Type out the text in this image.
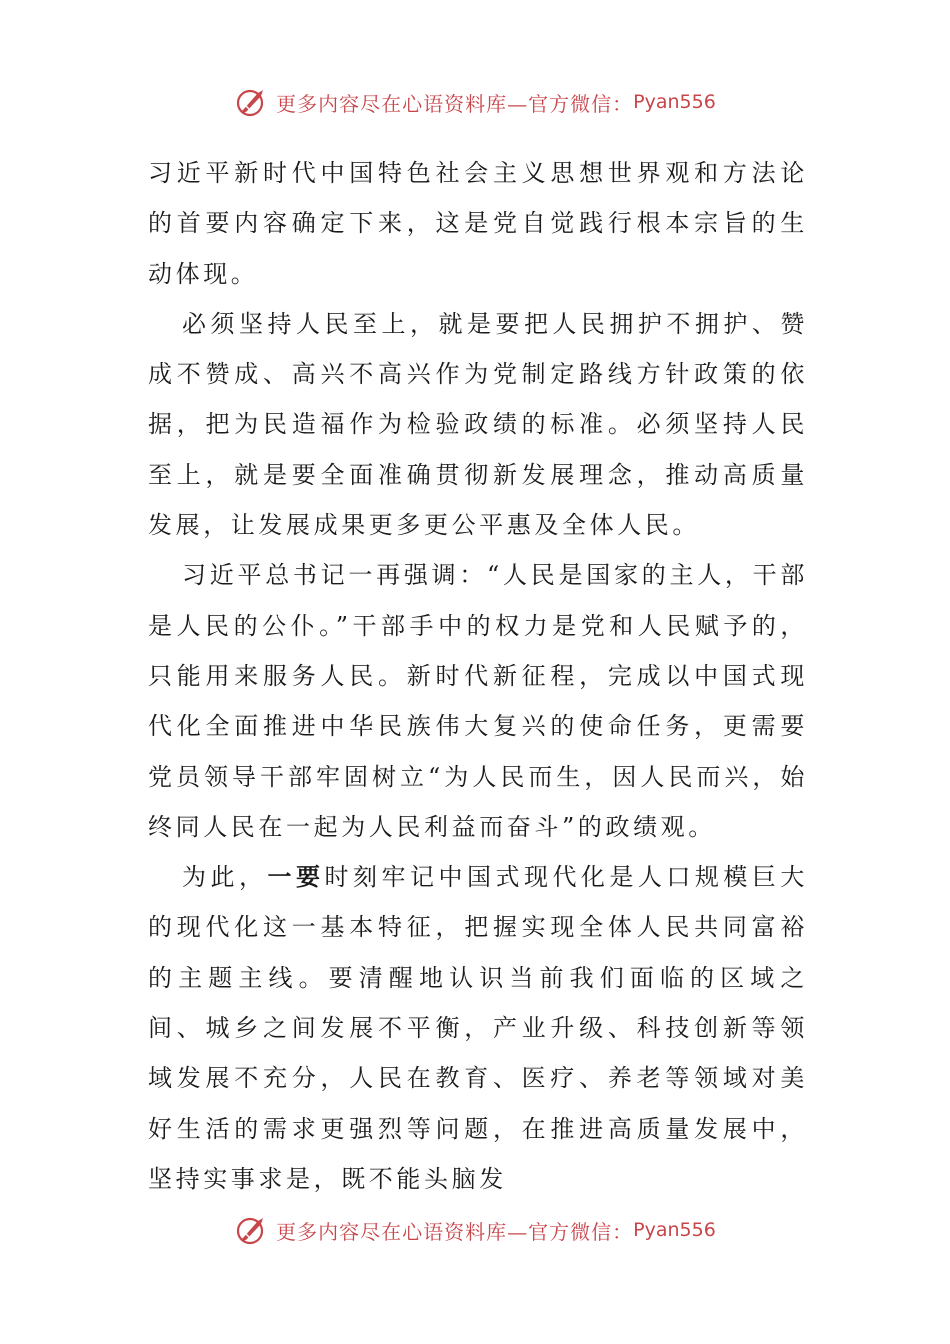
更多内容尽在心语资料库—官方微信： Pyan556

习近平新时代中国特色社会主义思想世界观和方法论的首要内容确定下来，这是党自觉践行根本宗旨的生动体现。

必须坚持人民至上，就是要把人民拥护不拥护、赞成不赞成、高兴不高兴作为党制定路线方针政策的依据，把为民造福作为检验政绩的标准。必须坚持人民至上，就是要全面准确贯彻新发展理念，推动高质量发展，让发展成果更多更公平惠及全体人民。

习近平总书记一再强调：“人民是国家的主人，干部是人民的公仆。”干部手中的权力是党和人民赋予的，只能用来服务人民。新时代新征程，完成以中国式现代化全面推进中华民族伟大复兴的使命任务，更需要党员领导干部牢固树立“为人民而生，因人民而兴，始终同人民在一起为人民利益而奋斗”的政绩观。

为此，一要时刻牢记中国式现代化是人口规模巨大的现代化这一基本特征，把握实现全体人民共同富裕的主题主线。要清醒地认识当前我们面临的区域之间、城乡之间发展不平衡，产业升级、科技创新等领域发展不充分，人民在教育、医疗、养老等领域对美好生活的需求更强烈等问题，在推进高质量发展中，坚持实事求是，既不能头脑发

更多内容尽在心语资料库—官方微信： Pyan556
